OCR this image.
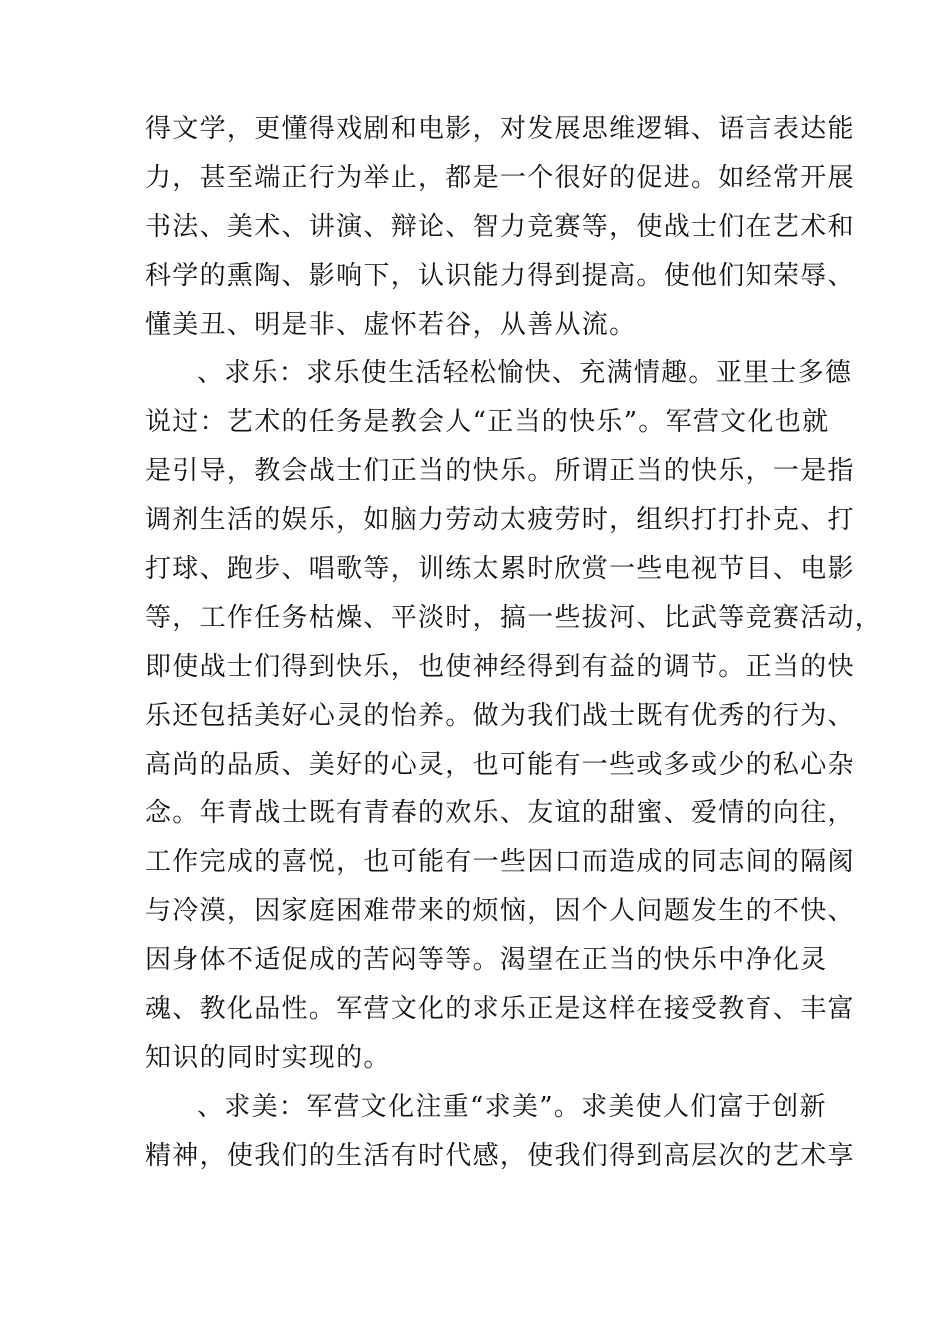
得文学，更懂得戏剧和电影，对发展思维逻辑、语言表达能
力，甚至端正行为举止，都是一个很好的促进。如经常开展
书法、美术、讲演、辩论、智力竞赛等，使战士们在艺术和
科学的熏陶、影响下，认识能力得到提高。使他们知荣辱、
懂美丑、明是非、虚怀若谷，从善从流。
、求乐：求乐使生活轻松愉快、充满情趣。亚里士多德
说过：艺术的任务是教会人“正当的快乐”。军营文化也就
是引导，教会战士们正当的快乐。所谓正当的快乐，一是指
调剂生活的娱乐，如脑力劳动太疲劳时，组织打打扑克、打
打球、跑步、唱歌等，训练太累时欣赏一些电视节目、电影
等，工作任务枯燥、平淡时，搞一些拔河、比武等竞赛活动，
即使战士们得到快乐，也使神经得到有益的调节。正当的快
乐还包括美好心灵的怡养。做为我们战士既有优秀的行为、
高尚的品质、美好的心灵，也可能有一些或多或少的私心杂
念。年青战士既有青春的欢乐、友谊的甜蜜、爱情的向往，
工作完成的喜悦，也可能有一些因口而造成的同志间的隔阂
与冷漠，因家庭困难带来的烦恼，因个人问题发生的不快、
因身体不适促成的苦闷等等。渴望在正当的快乐中净化灵
魂、教化品性。军营文化的求乐正是这样在接受教育、丰富
知识的同时实现的。
、求美：军营文化注重“求美”。求美使人们富于创新
精神，使我们的生活有时代感，使我们得到高层次的艺术享
